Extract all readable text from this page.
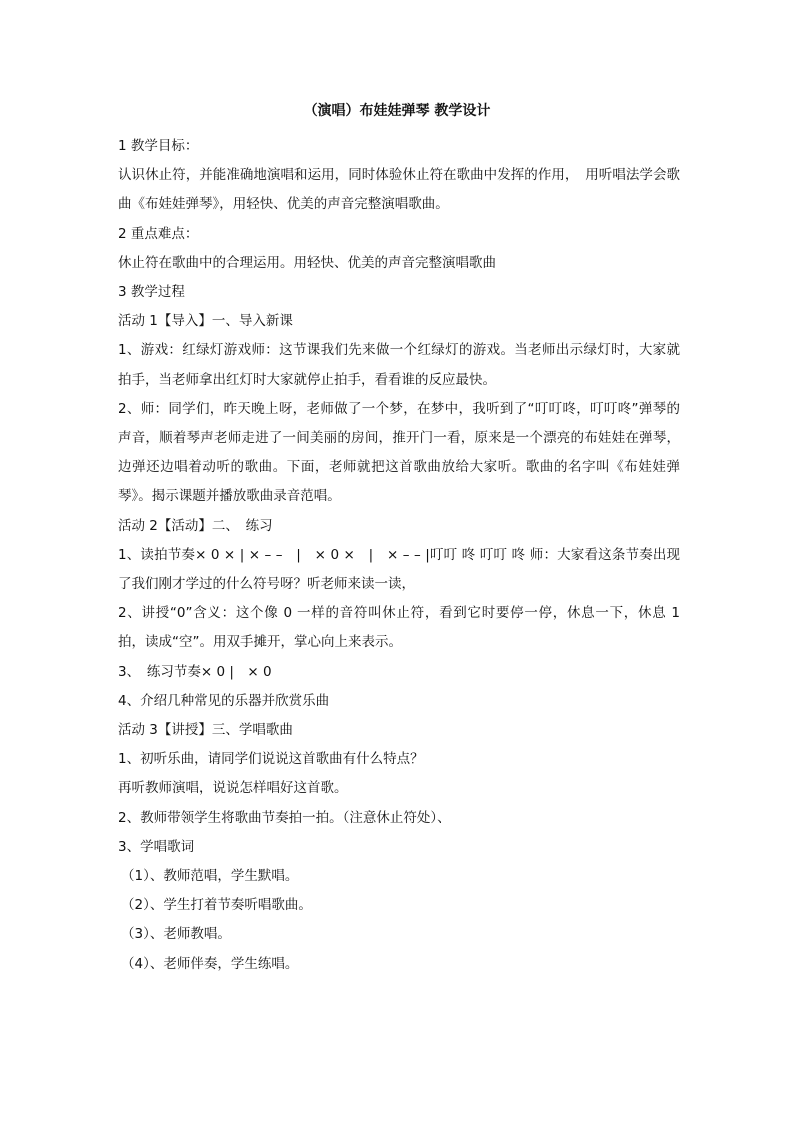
（演唱）布娃娃弹琴 教学设计

1 教学目标：

认识休止符，并能准确地演唱和运用，同时体验休止符在歌曲中发挥的作用，　用听唱法学会歌曲《布娃娃弹琴》，用轻快、优美的声音完整演唱歌曲。

2 重点难点：

休止符在歌曲中的合理运用。用轻快、优美的声音完整演唱歌曲

3 教学过程

活动 1【导入】一、导入新课

1、游戏：红绿灯游戏师：这节课我们先来做一个红绿灯的游戏。当老师出示绿灯时，大家就拍手，当老师拿出红灯时大家就停止拍手，看看谁的反应最快。

2、师：同学们，昨天晚上呀，老师做了一个梦，在梦中，我听到了“叮叮咚，叮叮咚”弹琴的声音，顺着琴声老师走进了一间美丽的房间，推开门一看，原来是一个漂亮的布娃娃在弹琴，边弹还边唱着动听的歌曲。下面，老师就把这首歌曲放给大家听。歌曲的名字叫《布娃娃弹琴》。揭示课题并播放歌曲录音范唱。

活动 2【活动】二、　练习

1、读拍节奏× 0 × | × – –　|　× 0 ×　|　× – – |叮叮 咚 叮叮 咚 师：大家看这条节奏出现了我们刚才学过的什么符号呀？听老师来读一读，

2、讲授“0”含义：这个像 0 一样的音符叫休止符，看到它时要停一停，休息一下，休息 1 拍，读成“空”。用双手摊开，掌心向上来表示。

3、　练习节奏× 0 |　× 0

4、介绍几种常见的乐器并欣赏乐曲

活动 3【讲授】三、学唱歌曲

1、初听乐曲，请同学们说说这首歌曲有什么特点？

再听教师演唱，说说怎样唱好这首歌。

2、教师带领学生将歌曲节奏拍一拍。（注意休止符处）、

3、学唱歌词

（1）、教师范唱，学生默唱。

（2）、学生打着节奏听唱歌曲。

（3）、老师教唱。

（4）、老师伴奏，学生练唱。
